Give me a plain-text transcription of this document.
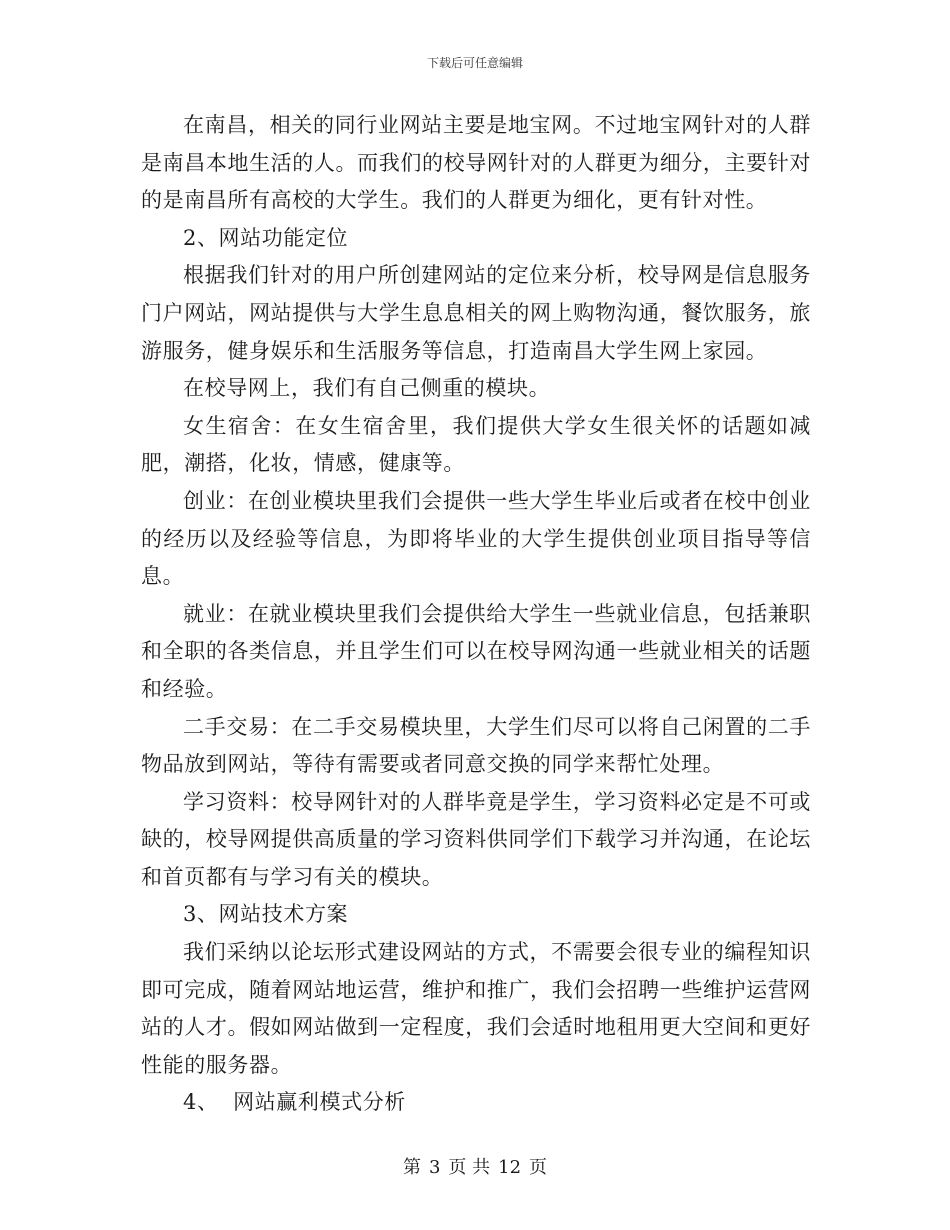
下载后可任意编辑

在南昌，相关的同行业网站主要是地宝网。不过地宝网针对的人群是南昌本地生活的人。而我们的校导网针对的人群更为细分，主要针对的是南昌所有高校的大学生。我们的人群更为细化，更有针对性。

2、网站功能定位

根据我们针对的用户所创建网站的定位来分析，校导网是信息服务门户网站，网站提供与大学生息息相关的网上购物沟通，餐饮服务，旅游服务，健身娱乐和生活服务等信息，打造南昌大学生网上家园。

在校导网上，我们有自己侧重的模块。

女生宿舍：在女生宿舍里，我们提供大学女生很关怀的话题如减肥，潮搭，化妆，情感，健康等。

创业：在创业模块里我们会提供一些大学生毕业后或者在校中创业的经历以及经验等信息，为即将毕业的大学生提供创业项目指导等信息。

就业：在就业模块里我们会提供给大学生一些就业信息，包括兼职和全职的各类信息，并且学生们可以在校导网沟通一些就业相关的话题和经验。

二手交易：在二手交易模块里，大学生们尽可以将自己闲置的二手物品放到网站，等待有需要或者同意交换的同学来帮忙处理。

学习资料：校导网针对的人群毕竟是学生，学习资料必定是不可或缺的，校导网提供高质量的学习资料供同学们下载学习并沟通，在论坛和首页都有与学习有关的模块。

3、网站技术方案

我们采纳以论坛形式建设网站的方式，不需要会很专业的编程知识即可完成，随着网站地运营，维护和推广，我们会招聘一些维护运营网站的人才。假如网站做到一定程度，我们会适时地租用更大空间和更好性能的服务器。

4、  网站赢利模式分析

第 3 页 共 12 页
